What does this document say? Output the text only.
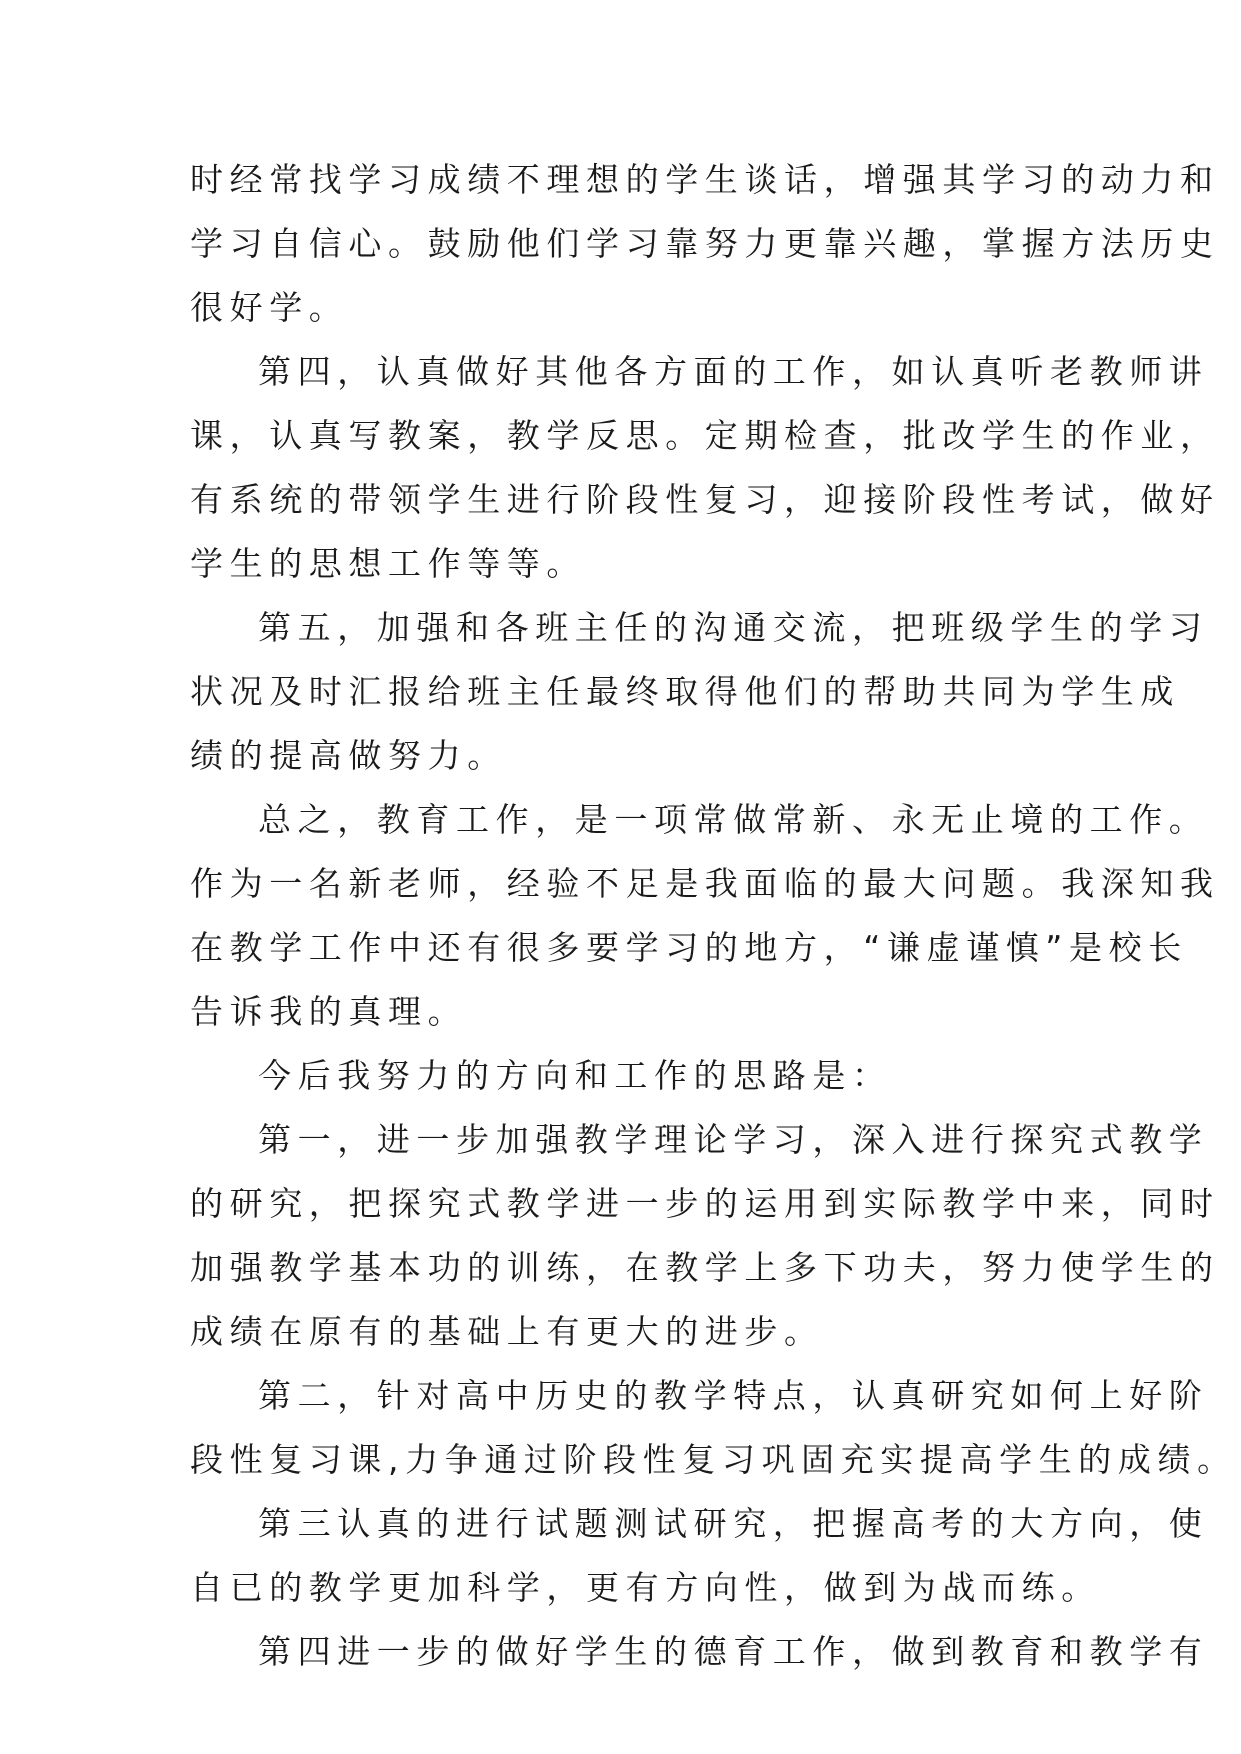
时经常找学习成绩不理想的学生谈话，增强其学习的动力和
学习自信心。鼓励他们学习靠努力更靠兴趣，掌握方法历史
很好学。
第四，认真做好其他各方面的工作，如认真听老教师讲
课，认真写教案，教学反思。定期检查，批改学生的作业，
有系统的带领学生进行阶段性复习，迎接阶段性考试，做好
学生的思想工作等等。
第五，加强和各班主任的沟通交流，把班级学生的学习
状况及时汇报给班主任最终取得他们的帮助共同为学生成
绩的提高做努力。
总之，教育工作，是一项常做常新、永无止境的工作。
作为一名新老师，经验不足是我面临的最大问题。我深知我
在教学工作中还有很多要学习的地方，“谦虚谨慎”是校长
告诉我的真理。
今后我努力的方向和工作的思路是：
第一，进一步加强教学理论学习，深入进行探究式教学
的研究，把探究式教学进一步的运用到实际教学中来，同时
加强教学基本功的训练，在教学上多下功夫，努力使学生的
成绩在原有的基础上有更大的进步。
第二，针对高中历史的教学特点，认真研究如何上好阶
段性复习课,力争通过阶段性复习巩固充实提高学生的成绩。
第三认真的进行试题测试研究，把握高考的大方向，使
自已的教学更加科学，更有方向性，做到为战而练。
第四进一步的做好学生的德育工作，做到教育和教学有
